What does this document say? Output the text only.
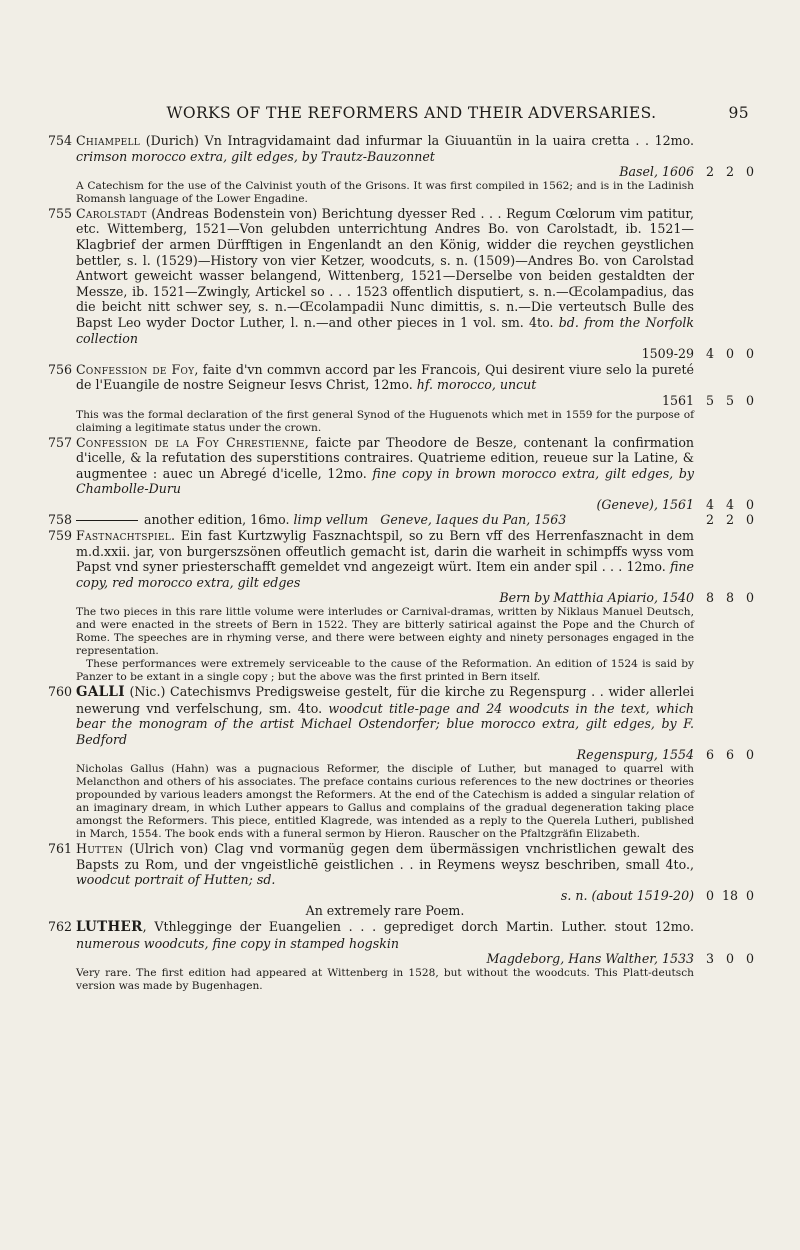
WORKS OF THE REFORMERS AND THEIR ADVERSARIES.	95
754 Chiampell (Durich) Vn Intragvidamaint dad infurmar la Giuuantün in la uaira cretta . . 12mo. crimson morocco extra, gilt edges, by Trautz-Bauzonnet
Basel, 1606 2 2 0

A Catechism for the use of the Calvinist youth of the Grisons. It was first compiled in 1562; and is in the Ladinish Romansh language of the Lower Engadine.

755 Carolstadt (Andreas Bodenstein von) Berichtung dyesser Red . . . Regum Cœlorum vim patitur, etc. Wittemberg, 1521—Von gelubden unterrichtung Andres Bo. von Carolstadt, ib. 1521—Klagbrief der armen Dürfftigen in Engenlandt an den König, widder die reychen geystlichen bettler, s. l. (1529)—History von vier Ketzer, woodcuts, s. n. (1509)—Andres Bo. von Carolstad Antwort geweicht wasser belangend, Wittenberg, 1521—Derselbe von beiden gestaldten der Messze, ib. 1521—Zwingly, Artickel so . . . 1523 offentlich disputiert, s. n.—Œcolampadius, das die beicht nitt schwer sey, s. n.—Œcolampadii Nunc dimittis, s. n.—Die verteutsch Bulle des Bapst Leo wyder Doctor Luther, l. n.—and other pieces in 1 vol. sm. 4to. bd. from the Norfolk collection
1509-29 4 0 0
756 Confession de Foy, faite d'vn commvn accord par les Francois, Qui desirent viure selo la pureté de l'Euangile de nostre Seigneur Iesvs Christ, 12mo. hf. morocco, uncut
1561 5 5 0

This was the formal declaration of the first general Synod of the Huguenots which met in 1559 for the purpose of claiming a legitimate status under the crown.

757 Confession de la Foy Chrestienne, faicte par Theodore de Besze, contenant la confirmation d'icelle, & la refutation des superstitions contraires. Quatrieme edition, reueue sur la Latine, & augmentee : auec un Abregé d'icelle, 12mo. fine copy in brown morocco extra, gilt edges, by Chambolle-Duru
(Geneve), 1561 4 4 0
758	another edition, 16mo. limp vellum Geneve, Iaques du Pan, 1563	2 2 0
759 Fastnachtspiel. Ein fast Kurtzwylig Fasznachtspil, so zu Bern vff des Herrenfasznacht in dem m.d.xxii. jar, von burgerszsönen offeutlich gemacht ist, darin die warheit in schimpffs wyss vom Papst vnd syner priesterschafft gemeldet vnd angezeigt würt. Item ein ander spil . . . 12mo. fine copy, red morocco extra, gilt edges
Bern by Matthia Apiario, 1540 8 8 0

The two pieces in this rare little volume were interludes or Carnival-dramas, written by Niklaus Manuel Deutsch, and were enacted in the streets of Bern in 1522. They are bitterly satirical against the Pope and the Church of Rome. The speeches are in rhyming verse, and there were between eighty and ninety personages engaged in the representation.

These performances were extremely serviceable to the cause of the Reformation. An edition of 1524 is said by Panzer to be extant in a single copy ; but the above was the first printed in Bern itself.

760 GALLI (Nic.) Catechismvs Predigsweise gestelt, für die kirche zu Regenspurg . . wider allerlei newerung vnd verfelschung, sm. 4to. woodcut title-page and 24 woodcuts in the text, which bear the monogram of the artist Michael Ostendorfer; blue morocco extra, gilt edges, by F. Bedford
Regenspurg, 1554 6 6 0

Nicholas Gallus (Hahn) was a pugnacious Reformer, the disciple of Luther, but managed to quarrel with Melancthon and others of his associates. The preface contains curious references to the new doctrines or theories propounded by various leaders amongst the Reformers. At the end of the Catechism is added a singular relation of an imaginary dream, in which Luther appears to Gallus and complains of the gradual degeneration taking place amongst the Reformers. This piece, entitled Klagrede, was intended as a reply to the Querela Lutheri, published in March, 1554. The book ends with a funeral sermon by Hieron. Rauscher on the Pfaltzgräfin Elizabeth.

761 Hutten (Ulrich von) Clag vnd vormanüg gegen dem übermässigen vnchristlichen gewalt des Bapsts zu Rom, und der vngeistlichē geistlichen . . in Reymens weysz beschriben, small 4to., woodcut portrait of Hutten; sd.
s. n. (about 1519-20) 0 18 0
An extremely rare Poem.
762 LUTHER, Vthlegginge der Euangelien . . . geprediget dorch Martin. Luther. stout 12mo. numerous woodcuts, fine copy in stamped hogskin
Magdeborg, Hans Walther, 1533 3 0 0

Very rare. The first edition had appeared at Wittenberg in 1528, but without the woodcuts. This Platt-deutsch version was made by Bugenhagen.
